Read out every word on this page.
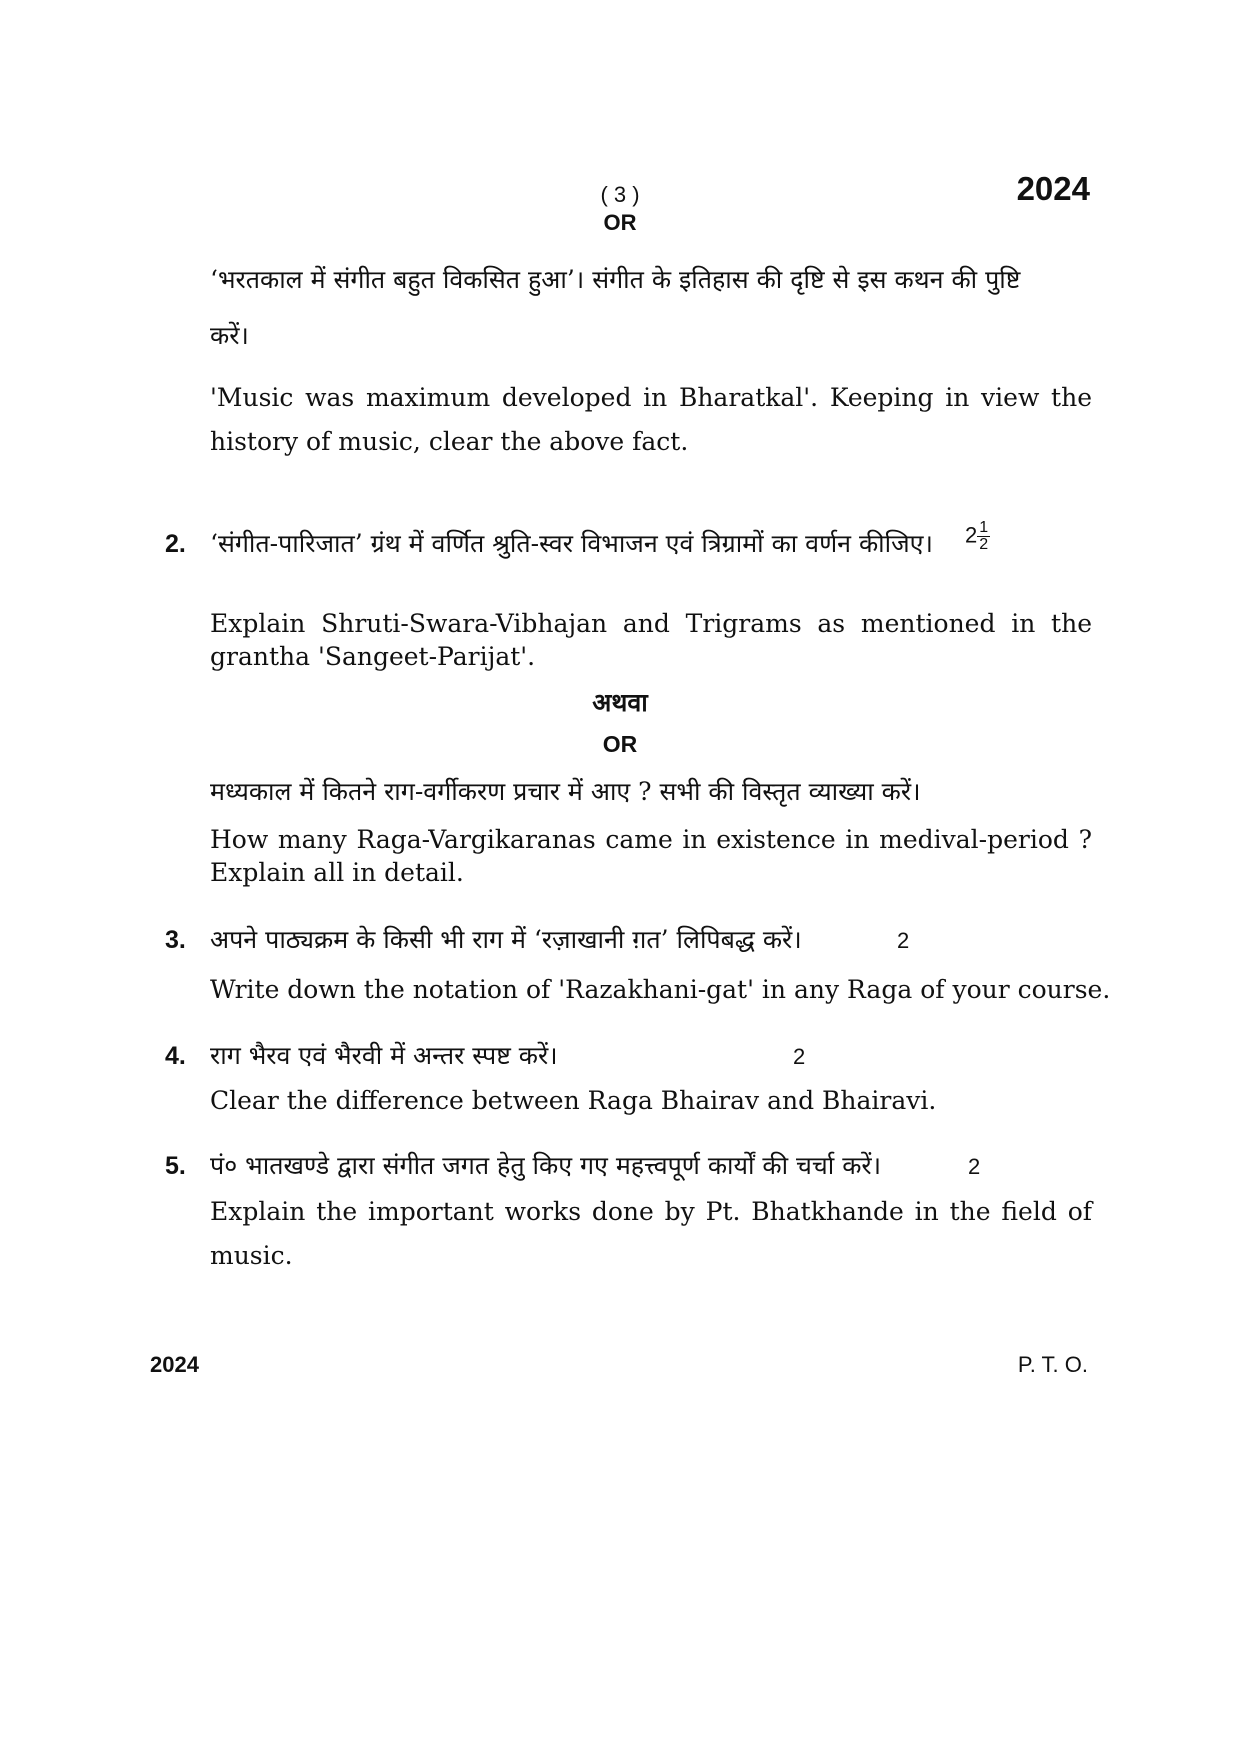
( 3 )
OR
2024
‘भरतकाल में संगीत बहुत विकसित हुआ’। संगीत के इतिहास की दृष्टि से इस कथन की पुष्टि
करें।
'Music was maximum developed in Bharatkal'. Keeping in view the
history of music, clear the above fact.
2. ‘संगीत-पारिजात’ ग्रंथ में वर्णित श्रुति-स्वर विभाजन एवं त्रिग्रामों का वर्णन कीजिए। $2 \frac{1}{2}$
Explain Shruti-Swara-Vibhajan and Trigrams as mentioned in the
grantha 'Sangeet-Parijat'.
अथवा
OR
मध्यकाल में कितने राग-वर्गीकरण प्रचार में आए ? सभी की विस्तृत व्याख्या करें।
How many Raga-Vargikaranas came in existence in medival-period ?
Explain all in detail.
3. अपने पाठ्यक्रम के किसी भी राग में ‘रज़ाखानी ग़त’ लिपिबद्ध करें।	2
Write down the notation of 'Razakhani-gat' in any Raga of your course.
4. राग भैरव एवं भैरवी में अन्तर स्पष्ट करें।	2
Clear the difference between Raga Bhairav and Bhairavi.
5. पं० भातखण्डे द्वारा संगीत जगत हेतु किए गए महत्त्वपूर्ण कार्यों की चर्चा करें।	2
Explain the important works done by Pt. Bhatkhande in the field of
music.
2024	P. T. O.
